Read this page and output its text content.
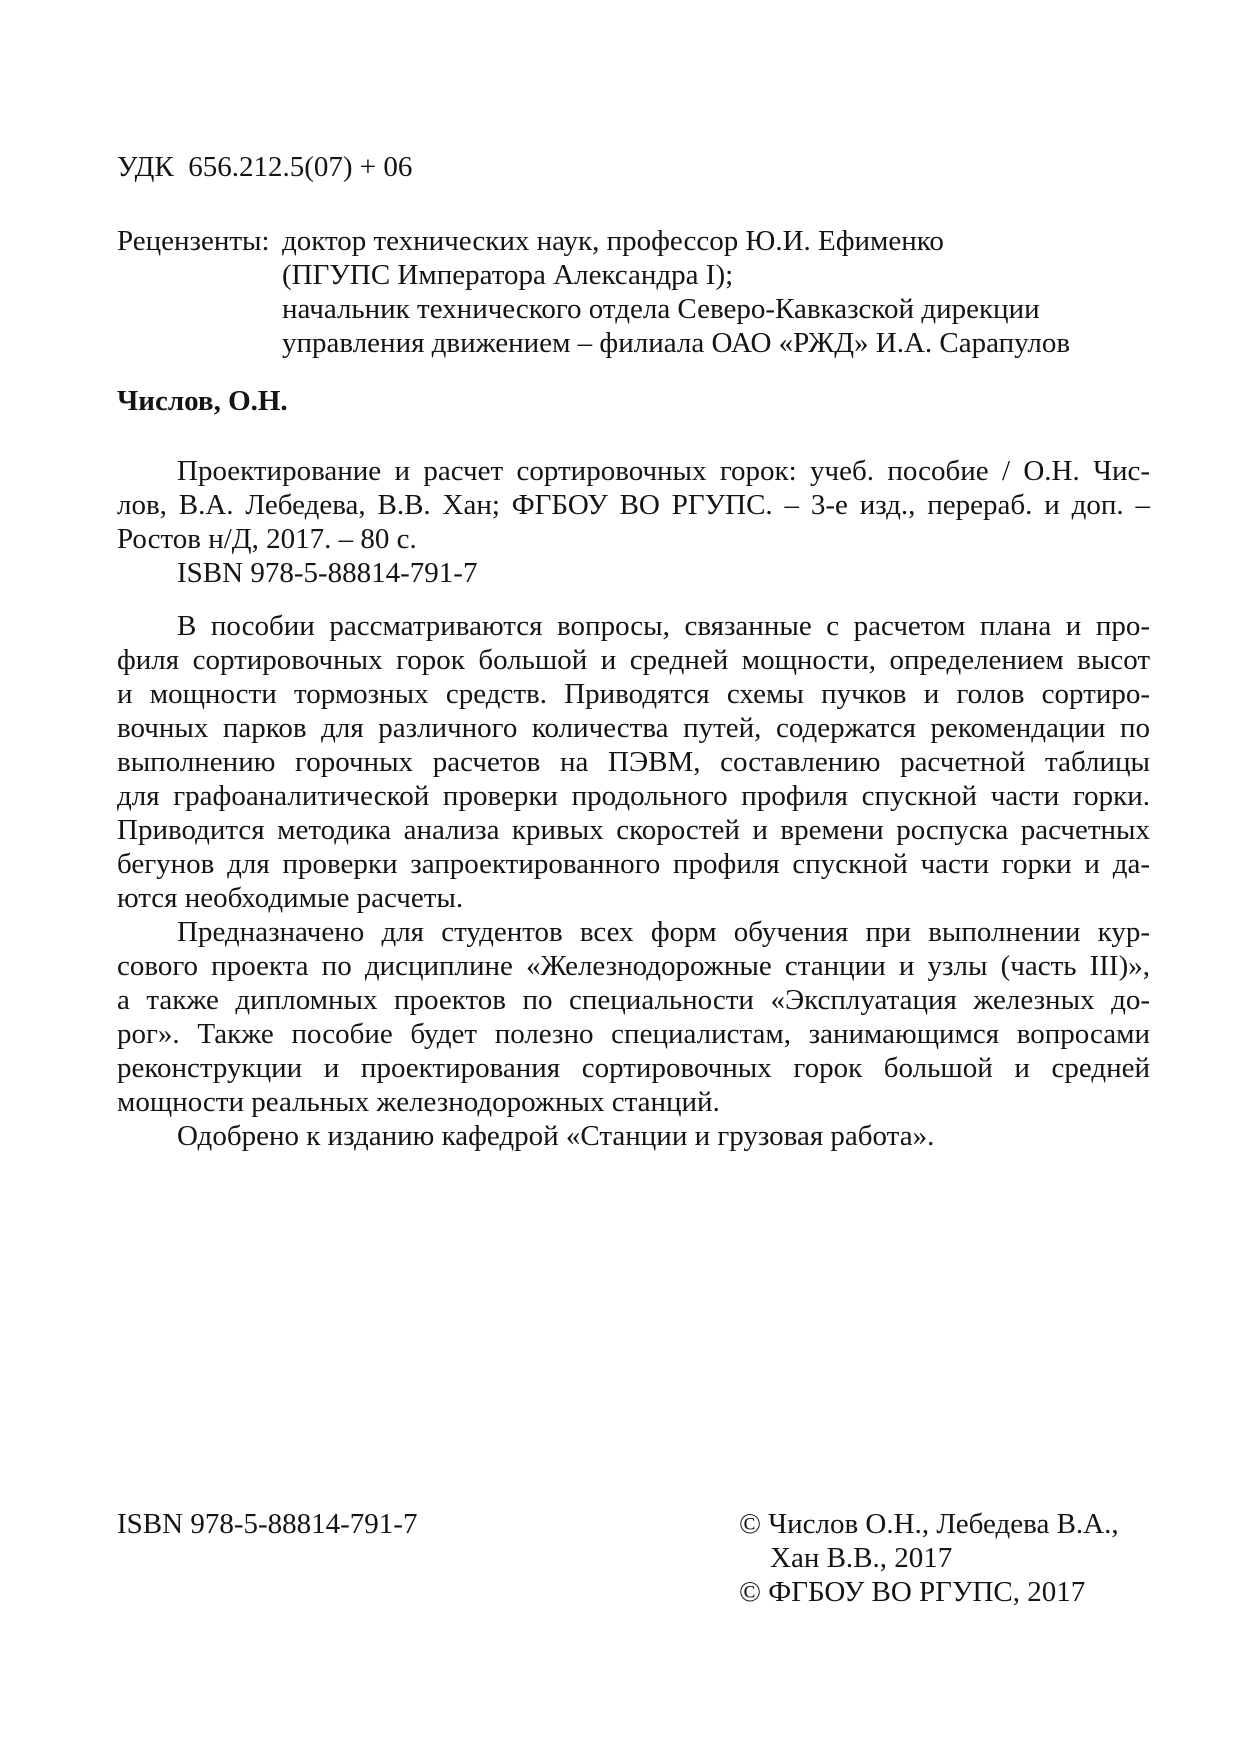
УДК  656.212.5(07) + 06
Рецензенты: доктор технических наук, профессор Ю.И. Ефименко
(ПГУПС Императора Александра I);
начальник технического отдела Северо-Кавказской дирекции
управления движением – филиала ОАО «РЖД» И.А. Сарапулов
Числов, О.Н.
Проектирование и расчет сортировочных горок: учеб. пособие / О.Н. Чис-
лов, В.А. Лебедева, В.В. Хан; ФГБОУ ВО РГУПС. – 3-е изд., перераб. и доп. –
Ростов н/Д, 2017. – 80 с.
ISBN 978-5-88814-791-7
В пособии рассматриваются вопросы, связанные с расчетом плана и про-
филя сортировочных горок большой и средней мощности, определением высот
и мощности тормозных средств. Приводятся схемы пучков и голов сортиро-
вочных парков для различного количества путей, содержатся рекомендации по
выполнению горочных расчетов на ПЭВМ, составлению расчетной таблицы
для графоаналитической проверки продольного профиля спускной части горки.
Приводится методика анализа кривых скоростей и времени роспуска расчетных
бегунов для проверки запроектированного профиля спускной части горки и да-
ются необходимые расчеты.
Предназначено для студентов всех форм обучения при выполнении кур-
сового проекта по дисциплине «Железнодорожные станции и узлы (часть III)»,
а также дипломных проектов по специальности «Эксплуатация железных до-
рог». Также пособие будет полезно специалистам, занимающимся вопросами
реконструкции и проектирования сортировочных горок большой и средней
мощности реальных железнодорожных станций.
Одобрено к изданию кафедрой «Станции и грузовая работа».
ISBN 978-5-88814-791-7	© Числов О.Н., Лебедева В.А.,
Хан В.В., 2017
© ФГБОУ ВО РГУПС, 2017
